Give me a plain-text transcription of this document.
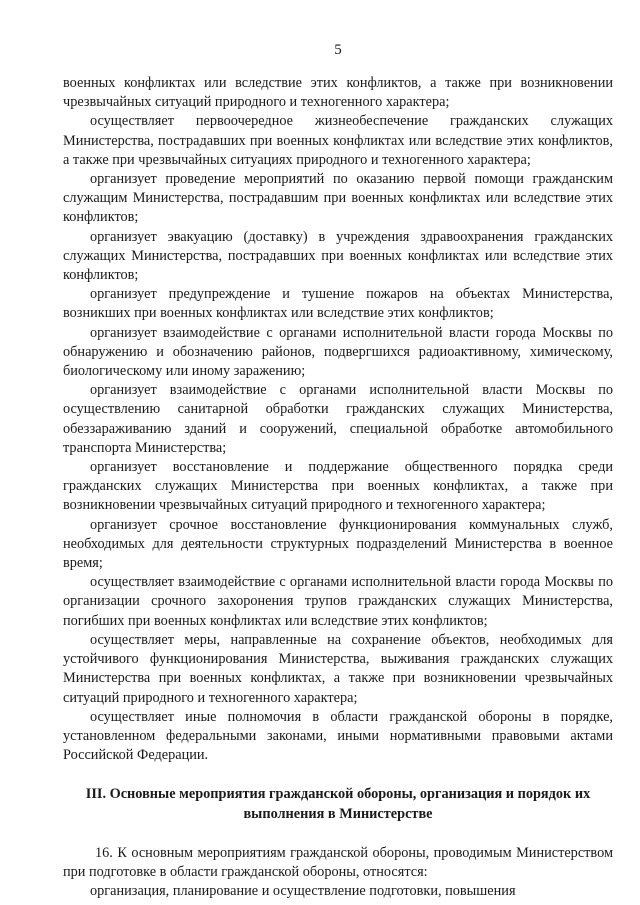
5

военных конфликтах или вследствие этих конфликтов, а также при возникновении чрезвычайных ситуаций природного и техногенного характера;

осуществляет первоочередное жизнеобеспечение гражданских служащих Министерства, пострадавших при военных конфликтах или вследствие этих конфликтов, а также при чрезвычайных ситуациях природного и техногенного характера;

организует проведение мероприятий по оказанию первой помощи гражданским служащим Министерства, пострадавшим при военных конфликтах или вследствие этих конфликтов;

организует эвакуацию (доставку) в учреждения здравоохранения гражданских служащих Министерства, пострадавших при военных конфликтах или вследствие этих конфликтов;

организует предупреждение и тушение пожаров на объектах Министерства, возникших при военных конфликтах или вследствие этих конфликтов;

организует взаимодействие с органами исполнительной власти города Москвы по обнаружению и обозначению районов, подвергшихся радиоактивному, химическому, биологическому или иному заражению;

организует взаимодействие с органами исполнительной власти Москвы по осуществлению санитарной обработки гражданских служащих Министерства, обеззараживанию зданий и сооружений, специальной обработке автомобильного транспорта Министерства;

организует восстановление и поддержание общественного порядка среди гражданских служащих Министерства при военных конфликтах, а также при возникновении чрезвычайных ситуаций природного и техногенного характера;

организует срочное восстановление функционирования коммунальных служб, необходимых для деятельности структурных подразделений Министерства в военное время;

осуществляет взаимодействие с органами исполнительной власти города Москвы по организации срочного захоронения трупов гражданских служащих Министерства, погибших при военных конфликтах или вследствие этих конфликтов;

осуществляет меры, направленные на сохранение объектов, необходимых для устойчивого функционирования Министерства, выживания гражданских служащих Министерства при военных конфликтах, а также при возникновении чрезвычайных ситуаций природного и техногенного характера;

осуществляет иные полномочия в области гражданской обороны в порядке, установленном федеральными законами, иными нормативными правовыми актами Российской Федерации.

III. Основные мероприятия гражданской обороны, организация и порядок их выполнения в Министерстве

16. К основным мероприятиям гражданской обороны, проводимым Министерством при подготовке в области гражданской обороны, относятся:

организация, планирование и осуществление подготовки, повышения
